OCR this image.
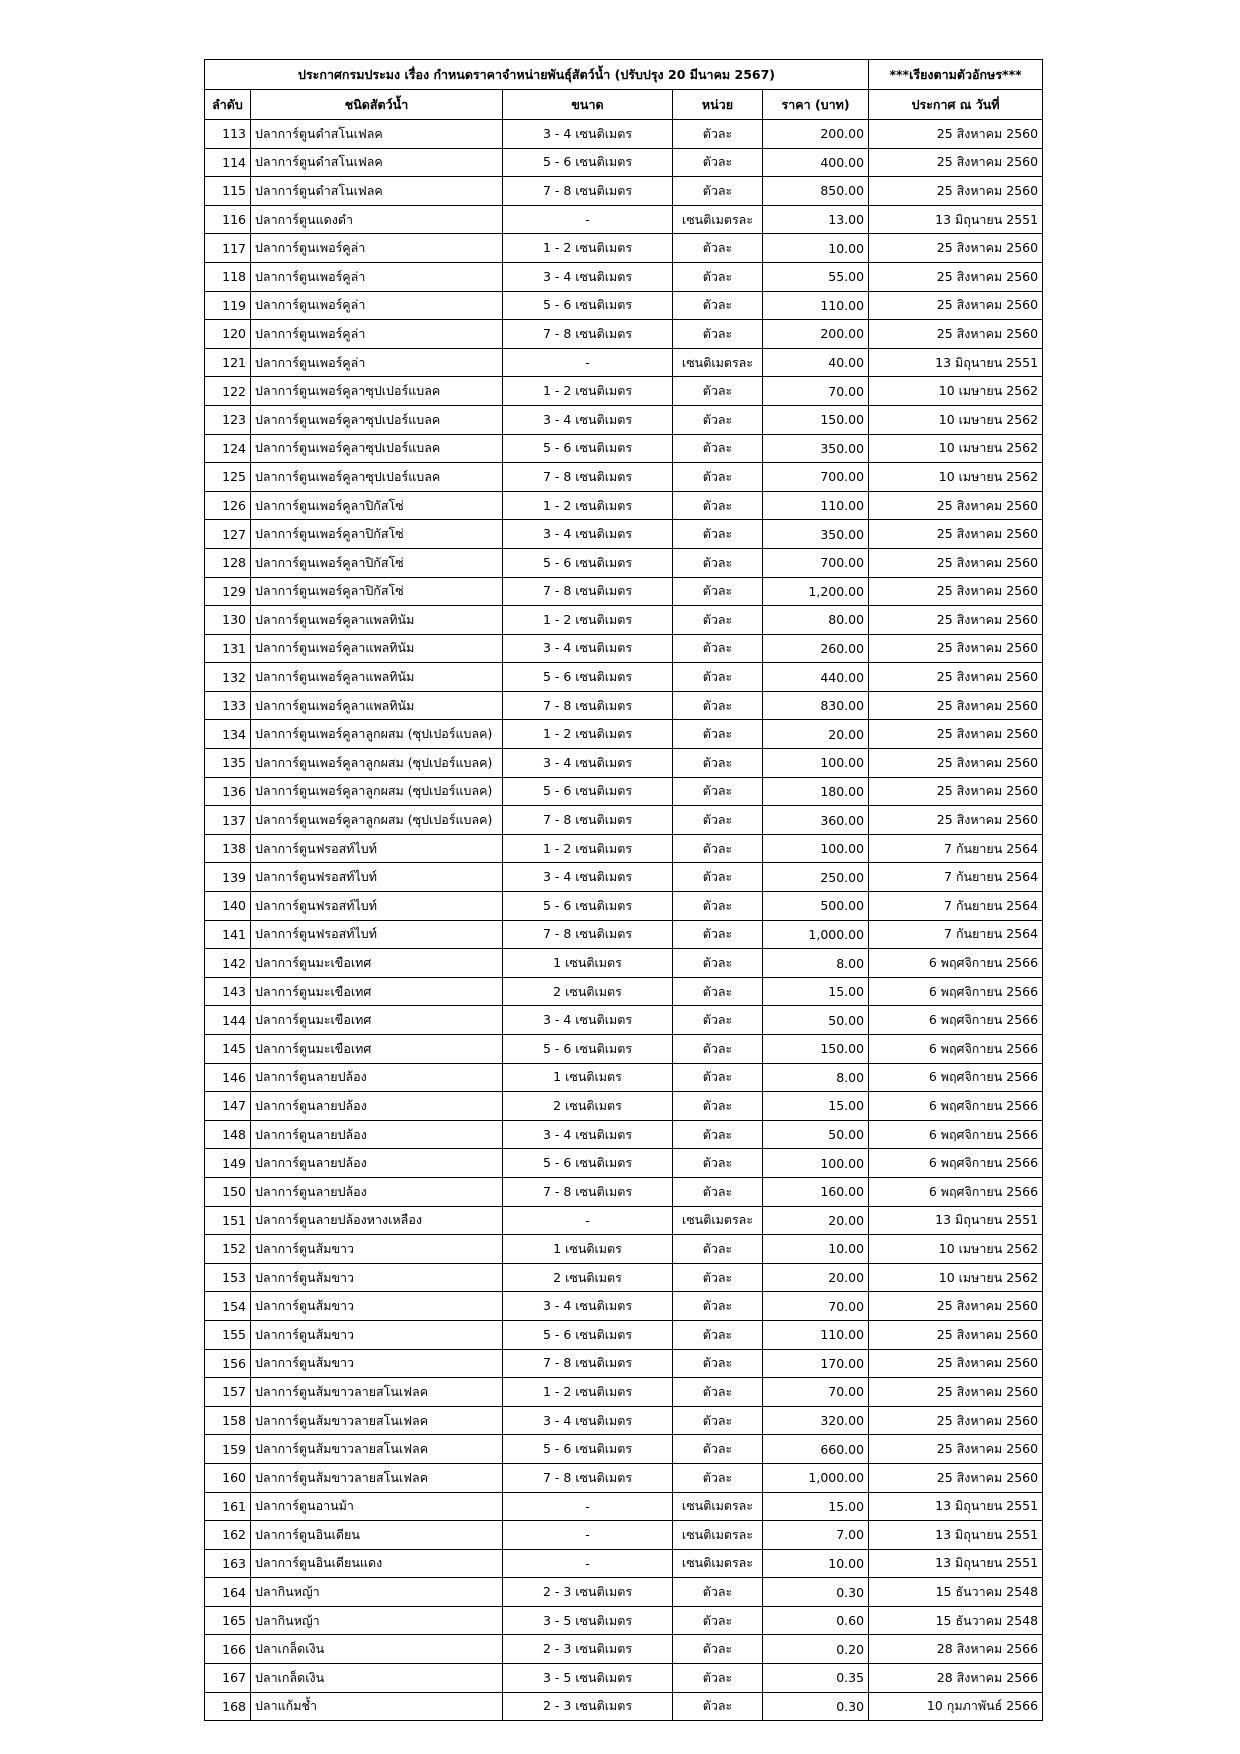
ประกาศกรมประมง เรื่อง กำหนดราคาจำหน่ายพันธุ์สัตว์น้ำ (ปรับปรุง 20 มีนาคม 2567)					***เรียงตามตัวอักษร***
ลำดับ	ชนิดสัตว์น้ำ	ขนาด	หน่วย	ราคา (บาท)	ประกาศ ณ วันที่
113	ปลาการ์ตูนดำสโนเฟลค	3 - 4 เซนติเมตร	ตัวละ	200.00	25 สิงหาคม 2560
114	ปลาการ์ตูนดำสโนเฟลค	5 - 6 เซนติเมตร	ตัวละ	400.00	25 สิงหาคม 2560
115	ปลาการ์ตูนดำสโนเฟลค	7 - 8 เซนติเมตร	ตัวละ	850.00	25 สิงหาคม 2560
116	ปลาการ์ตูนแดงดำ	-	เซนติเมตรละ	13.00	13 มิถุนายน 2551
117	ปลาการ์ตูนเพอร์คูล่า	1 - 2 เซนติเมตร	ตัวละ	10.00	25 สิงหาคม 2560
118	ปลาการ์ตูนเพอร์คูล่า	3 - 4 เซนติเมตร	ตัวละ	55.00	25 สิงหาคม 2560
119	ปลาการ์ตูนเพอร์คูล่า	5 - 6 เซนติเมตร	ตัวละ	110.00	25 สิงหาคม 2560
120	ปลาการ์ตูนเพอร์คูล่า	7 - 8 เซนติเมตร	ตัวละ	200.00	25 สิงหาคม 2560
121	ปลาการ์ตูนเพอร์คูล่า	-	เซนติเมตรละ	40.00	13 มิถุนายน 2551
122	ปลาการ์ตูนเพอร์คูลาซุปเปอร์แบลค	1 - 2 เซนติเมตร	ตัวละ	70.00	10 เมษายน 2562
123	ปลาการ์ตูนเพอร์คูลาซุปเปอร์แบลค	3 - 4 เซนติเมตร	ตัวละ	150.00	10 เมษายน 2562
124	ปลาการ์ตูนเพอร์คูลาซุปเปอร์แบลค	5 - 6 เซนติเมตร	ตัวละ	350.00	10 เมษายน 2562
125	ปลาการ์ตูนเพอร์คูลาซุปเปอร์แบลค	7 - 8 เซนติเมตร	ตัวละ	700.00	10 เมษายน 2562
126	ปลาการ์ตูนเพอร์คูลาปิกัสโซ่	1 - 2 เซนติเมตร	ตัวละ	110.00	25 สิงหาคม 2560
127	ปลาการ์ตูนเพอร์คูลาปิกัสโซ่	3 - 4 เซนติเมตร	ตัวละ	350.00	25 สิงหาคม 2560
128	ปลาการ์ตูนเพอร์คูลาปิกัสโซ่	5 - 6 เซนติเมตร	ตัวละ	700.00	25 สิงหาคม 2560
129	ปลาการ์ตูนเพอร์คูลาปิกัสโซ่	7 - 8 เซนติเมตร	ตัวละ	1,200.00	25 สิงหาคม 2560
130	ปลาการ์ตูนเพอร์คูลาแพลทินัม	1 - 2 เซนติเมตร	ตัวละ	80.00	25 สิงหาคม 2560
131	ปลาการ์ตูนเพอร์คูลาแพลทินัม	3 - 4 เซนติเมตร	ตัวละ	260.00	25 สิงหาคม 2560
132	ปลาการ์ตูนเพอร์คูลาแพลทินัม	5 - 6 เซนติเมตร	ตัวละ	440.00	25 สิงหาคม 2560
133	ปลาการ์ตูนเพอร์คูลาแพลทินัม	7 - 8 เซนติเมตร	ตัวละ	830.00	25 สิงหาคม 2560
134	ปลาการ์ตูนเพอร์คูลาลูกผสม (ซุปเปอร์แบลค)	1 - 2 เซนติเมตร	ตัวละ	20.00	25 สิงหาคม 2560
135	ปลาการ์ตูนเพอร์คูลาลูกผสม (ซุปเปอร์แบลค)	3 - 4 เซนติเมตร	ตัวละ	100.00	25 สิงหาคม 2560
136	ปลาการ์ตูนเพอร์คูลาลูกผสม (ซุปเปอร์แบลค)	5 - 6 เซนติเมตร	ตัวละ	180.00	25 สิงหาคม 2560
137	ปลาการ์ตูนเพอร์คูลาลูกผสม (ซุปเปอร์แบลค)	7 - 8 เซนติเมตร	ตัวละ	360.00	25 สิงหาคม 2560
138	ปลาการ์ตูนฟรอสท์ไบท์	1 - 2 เซนติเมตร	ตัวละ	100.00	7 กันยายน 2564
139	ปลาการ์ตูนฟรอสท์ไบท์	3 - 4 เซนติเมตร	ตัวละ	250.00	7 กันยายน 2564
140	ปลาการ์ตูนฟรอสท์ไบท์	5 - 6 เซนติเมตร	ตัวละ	500.00	7 กันยายน 2564
141	ปลาการ์ตูนฟรอสท์ไบท์	7 - 8 เซนติเมตร	ตัวละ	1,000.00	7 กันยายน 2564
142	ปลาการ์ตูนมะเขือเทศ	1 เซนติเมตร	ตัวละ	8.00	6 พฤศจิกายน 2566
143	ปลาการ์ตูนมะเขือเทศ	2 เซนติเมตร	ตัวละ	15.00	6 พฤศจิกายน 2566
144	ปลาการ์ตูนมะเขือเทศ	3 - 4 เซนติเมตร	ตัวละ	50.00	6 พฤศจิกายน 2566
145	ปลาการ์ตูนมะเขือเทศ	5 - 6 เซนติเมตร	ตัวละ	150.00	6 พฤศจิกายน 2566
146	ปลาการ์ตูนลายปล้อง	1 เซนติเมตร	ตัวละ	8.00	6 พฤศจิกายน 2566
147	ปลาการ์ตูนลายปล้อง	2 เซนติเมตร	ตัวละ	15.00	6 พฤศจิกายน 2566
148	ปลาการ์ตูนลายปล้อง	3 - 4 เซนติเมตร	ตัวละ	50.00	6 พฤศจิกายน 2566
149	ปลาการ์ตูนลายปล้อง	5 - 6 เซนติเมตร	ตัวละ	100.00	6 พฤศจิกายน 2566
150	ปลาการ์ตูนลายปล้อง	7 - 8 เซนติเมตร	ตัวละ	160.00	6 พฤศจิกายน 2566
151	ปลาการ์ตูนลายปล้องหางเหลือง	-	เซนติเมตรละ	20.00	13 มิถุนายน 2551
152	ปลาการ์ตูนส้มขาว	1 เซนติเมตร	ตัวละ	10.00	10 เมษายน 2562
153	ปลาการ์ตูนส้มขาว	2 เซนติเมตร	ตัวละ	20.00	10 เมษายน 2562
154	ปลาการ์ตูนส้มขาว	3 - 4 เซนติเมตร	ตัวละ	70.00	25 สิงหาคม 2560
155	ปลาการ์ตูนส้มขาว	5 - 6 เซนติเมตร	ตัวละ	110.00	25 สิงหาคม 2560
156	ปลาการ์ตูนส้มขาว	7 - 8 เซนติเมตร	ตัวละ	170.00	25 สิงหาคม 2560
157	ปลาการ์ตูนส้มขาวลายสโนเฟลค	1 - 2 เซนติเมตร	ตัวละ	70.00	25 สิงหาคม 2560
158	ปลาการ์ตูนส้มขาวลายสโนเฟลค	3 - 4 เซนติเมตร	ตัวละ	320.00	25 สิงหาคม 2560
159	ปลาการ์ตูนส้มขาวลายสโนเฟลค	5 - 6 เซนติเมตร	ตัวละ	660.00	25 สิงหาคม 2560
160	ปลาการ์ตูนส้มขาวลายสโนเฟลค	7 - 8 เซนติเมตร	ตัวละ	1,000.00	25 สิงหาคม 2560
161	ปลาการ์ตูนอานม้า	-	เซนติเมตรละ	15.00	13 มิถุนายน 2551
162	ปลาการ์ตูนอินเดียน	-	เซนติเมตรละ	7.00	13 มิถุนายน 2551
163	ปลาการ์ตูนอินเดียนแดง	-	เซนติเมตรละ	10.00	13 มิถุนายน 2551
164	ปลากินหญ้า	2 - 3 เซนติเมตร	ตัวละ	0.30	15 ธันวาคม 2548
165	ปลากินหญ้า	3 - 5 เซนติเมตร	ตัวละ	0.60	15 ธันวาคม 2548
166	ปลาเกล็ดเงิน	2 - 3 เซนติเมตร	ตัวละ	0.20	28 สิงหาคม 2566
167	ปลาเกล็ดเงิน	3 - 5 เซนติเมตร	ตัวละ	0.35	28 สิงหาคม 2566
168	ปลาแก้มช้ำ	2 - 3 เซนติเมตร	ตัวละ	0.30	10 กุมภาพันธ์ 2566
